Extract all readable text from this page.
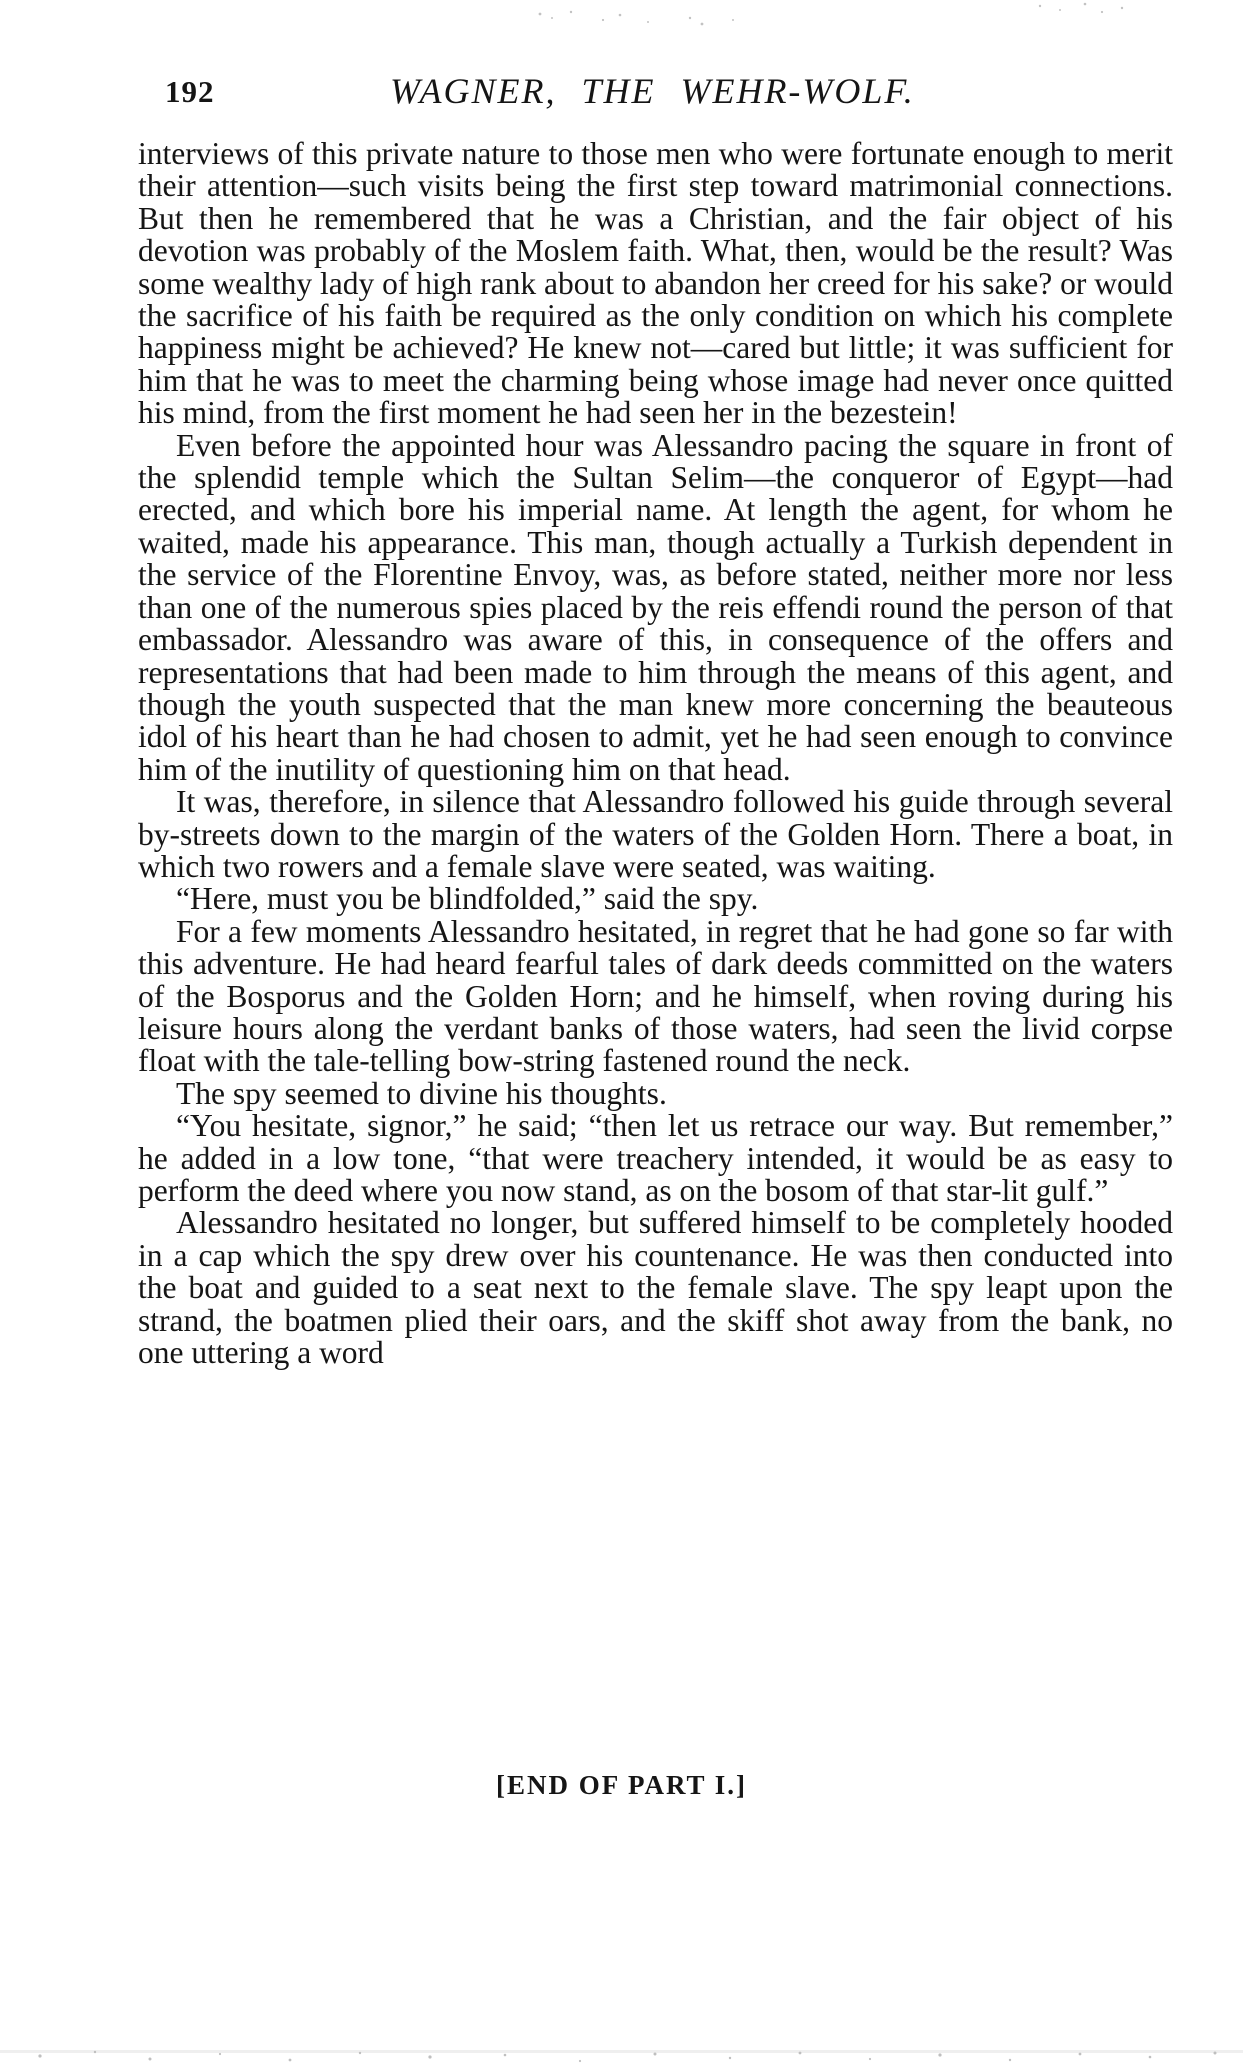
192	WAGNER, THE WEHR-WOLF.

interviews of this private nature to those men who were fortunate enough to merit their attention—such visits being the first step toward matrimonial connections. But then he remembered that he was a Christian, and the fair object of his devotion was probably of the Moslem faith. What, then, would be the result? Was some wealthy lady of high rank about to abandon her creed for his sake? or would the sacrifice of his faith be required as the only condition on which his complete happiness might be achieved? He knew not—cared but little; it was sufficient for him that he was to meet the charming being whose image had never once quitted his mind, from the first moment he had seen her in the bezestein!

Even before the appointed hour was Alessandro pacing the square in front of the splendid temple which the Sultan Selim—the conqueror of Egypt—had erected, and which bore his imperial name. At length the agent, for whom he waited, made his appearance. This man, though actually a Turkish dependent in the service of the Florentine Envoy, was, as before stated, neither more nor less than one of the numerous spies placed by the reis effendi round the person of that embassador. Alessandro was aware of this, in consequence of the offers and representations that had been made to him through the means of this agent, and though the youth suspected that the man knew more concerning the beauteous idol of his heart than he had chosen to admit, yet he had seen enough to convince him of the inutility of questioning him on that head.

It was, therefore, in silence that Alessandro followed his guide through several by-streets down to the margin of the waters of the Golden Horn. There a boat, in which two rowers and a female slave were seated, was waiting.

“Here, must you be blindfolded,” said the spy.

For a few moments Alessandro hesitated, in regret that he had gone so far with this adventure. He had heard fearful tales of dark deeds committed on the waters of the Bosporus and the Golden Horn; and he himself, when roving during his leisure hours along the verdant banks of those waters, had seen the livid corpse float with the tale-telling bow-string fastened round the neck.

The spy seemed to divine his thoughts.

“You hesitate, signor,” he said; “then let us retrace our way. But remember,” he added in a low tone, “that were treachery intended, it would be as easy to perform the deed where you now stand, as on the bosom of that star-lit gulf.”

Alessandro hesitated no longer, but suffered himself to be completely hooded in a cap which the spy drew over his countenance. He was then conducted into the boat and guided to a seat next to the female slave. The spy leapt upon the strand, the boatmen plied their oars, and the skiff shot away from the bank, no one uttering a word

[END OF PART I.]
